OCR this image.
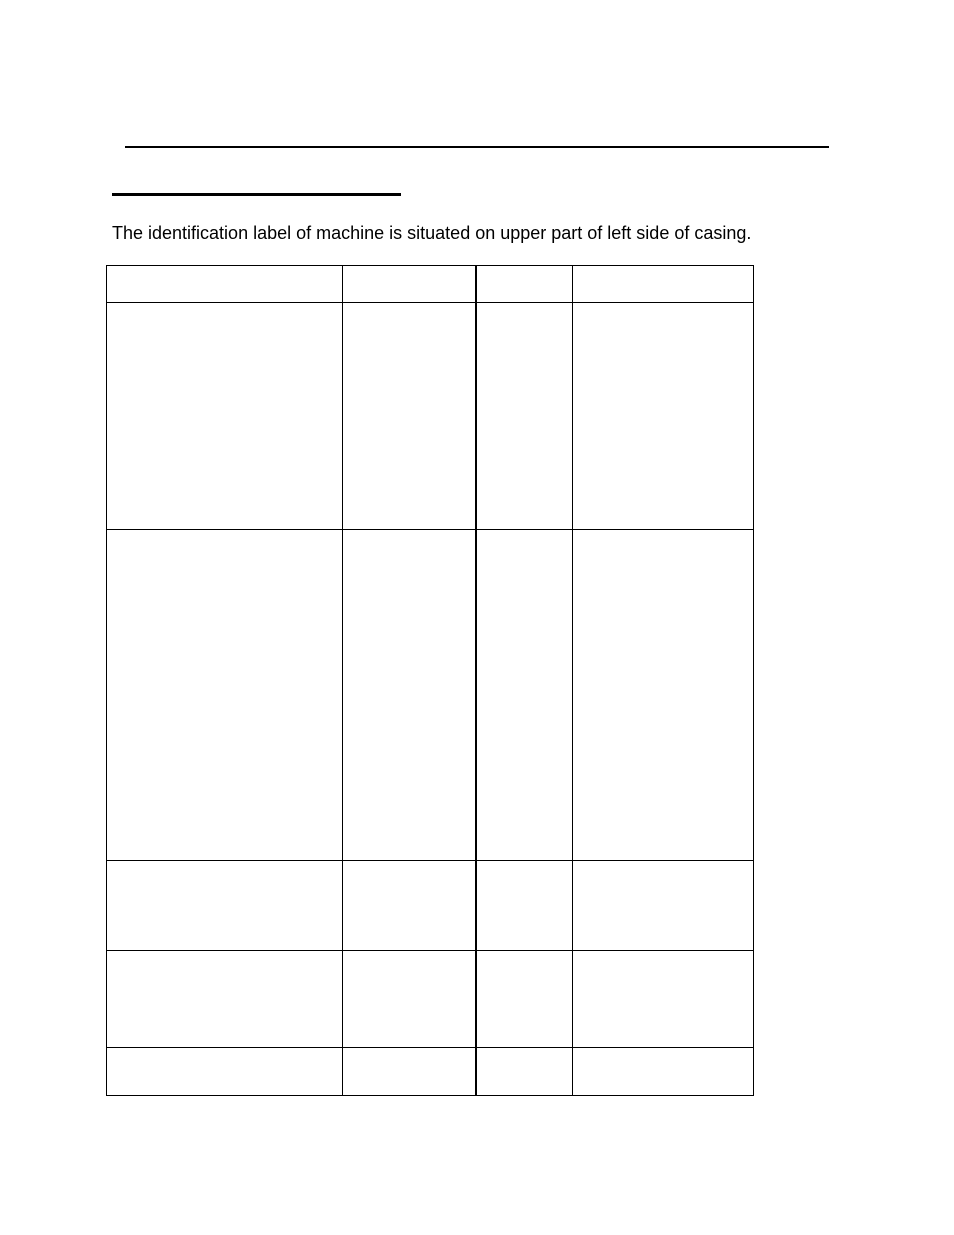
The identification label of machine is situated on upper part of left side of casing.
